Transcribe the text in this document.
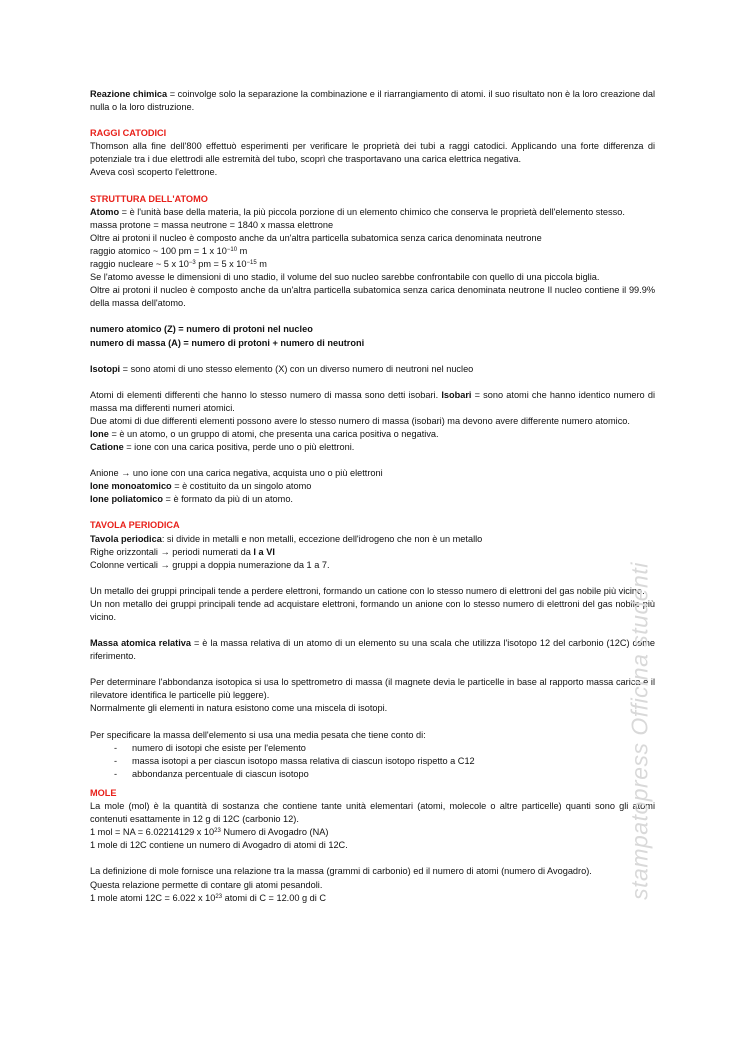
Reazione chimica = coinvolge solo la separazione la combinazione e il riarrangiamento di atomi. il suo risultato non è la loro creazione dal nulla o la loro distruzione.

RAGGI CATODICI

Thomson alla fine dell'800 effettuò esperimenti per verificare le proprietà dei tubi a raggi catodici. Applicando una forte differenza di potenziale tra i due elettrodi alle estremità del tubo, scoprì che trasportavano una carica elettrica negativa.

Aveva così scoperto l'elettrone.

STRUTTURA DELL'ATOMO

Atomo = è l'unità base della materia, la più piccola porzione di un elemento chimico che conserva le proprietà dell'elemento stesso.

massa protone = massa neutrone = 1840 x massa elettrone

Oltre ai protoni il nucleo è composto anche da un'altra particella subatomica senza carica denominata neutrone

raggio atomico ~ 100 pm = 1 x $10^{-10}$ m

raggio nucleare ~ 5 x $10^{-3}$ pm = 5 x $10^{-15}$ m

Se l'atomo avesse le dimensioni di uno stadio, il volume del suo nucleo sarebbe confrontabile con quello di una piccola biglia.

Oltre ai protoni il nucleo è composto anche da un'altra particella subatomica senza carica denominata neutrone Il nucleo contiene il 99.9% della massa dell'atomo.

numero atomico (Z) = numero di protoni nel nucleo

numero di massa (A) = numero di protoni + numero di neutroni

Isotopi = sono atomi di uno stesso elemento (X) con un diverso numero di neutroni nel nucleo

Atomi di elementi differenti che hanno lo stesso numero di massa sono detti isobari. Isobari = sono atomi che hanno identico numero di massa ma differenti numeri atomici.

Due atomi di due differenti elementi possono avere lo stesso numero di massa (isobari) ma devono avere differente numero atomico.

Ione = è un atomo, o un gruppo di atomi, che presenta una carica positiva o negativa.

Catione = ione con una carica positiva, perde uno o più elettroni.

Anione → uno ione con una carica negativa, acquista uno o più elettroni

Ione monoatomico = è costituito da un singolo atomo

Ione poliatomico = è formato da più di un atomo.

TAVOLA PERIODICA

Tavola periodica: si divide in metalli e non metalli, eccezione dell'idrogeno che non è un metallo

Righe orizzontali → periodi numerati da I a VI

Colonne verticali → gruppi a doppia numerazione da 1 a 7.

Un metallo dei gruppi principali tende a perdere elettroni, formando un catione con lo stesso numero di elettroni del gas nobile più vicino.

Un non metallo dei gruppi principali tende ad acquistare elettroni, formando un anione con lo stesso numero di elettroni del gas nobile più vicino.

Massa atomica relativa = è la massa relativa di un atomo di un elemento su una scala che utilizza l'isotopo 12 del carbonio (12C) come riferimento.

Per determinare l'abbondanza isotopica si usa lo spettrometro di massa (il magnete devia le particelle in base al rapporto massa carica e il rilevatore identifica le particelle più leggere).

Normalmente gli elementi in natura esistono come una miscela di isotopi.

Per specificare la massa dell'elemento si usa una media pesata che tiene conto di:

- numero di isotopi che esiste per l'elemento
- massa isotopi a per ciascun isotopo massa relativa di ciascun isotopo rispetto a C12
- abbondanza percentuale di ciascun isotopo

MOLE

La mole (mol) è la quantità di sostanza che contiene tante unità elementari (atomi, molecole o altre particelle) quanti sono gli atomi contenuti esattamente in 12 g di 12C (carbonio 12).

1 mol = NA = 6.02214129 x $10^{23}$ Numero di Avogadro (NA)

1 mole di 12C contiene un numero di Avogadro di atomi di 12C.

La definizione di mole fornisce una relazione tra la massa (grammi di carbonio) ed il numero di atomi (numero di Avogadro).

Questa relazione permette di contare gli atomi pesandoli.

1 mole atomi 12C = 6.022 x $10^{23}$ atomi di C = 12.00 g di C	stampatopress Officina studenti
